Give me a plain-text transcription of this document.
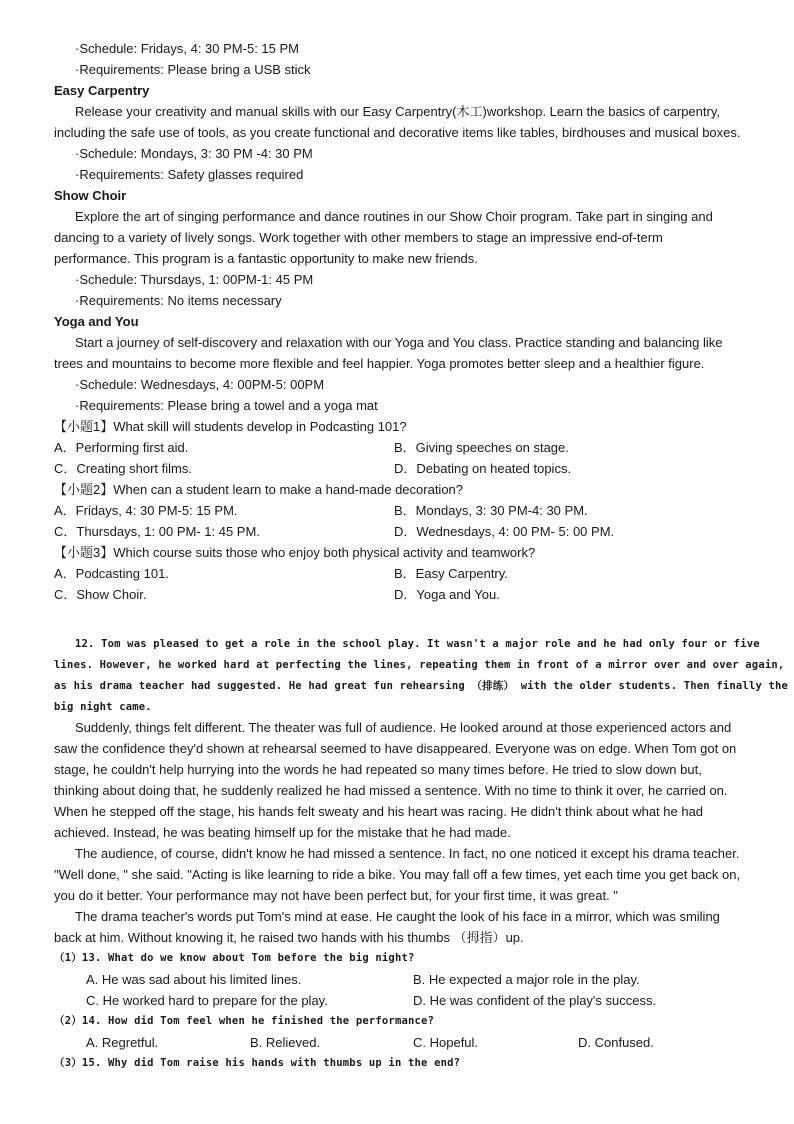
·Schedule: Fridays, 4: 30 PM-5: 15 PM
·Requirements: Please bring a USB stick
Easy Carpentry
Release your creativity and manual skills with our Easy Carpentry(木工)workshop. Learn the basics of carpentry,
including the safe use of tools, as you create functional and decorative items like tables, birdhouses and musical boxes.
·Schedule: Mondays, 3: 30 PM -4: 30 PM
·Requirements: Safety glasses required
Show Choir
Explore the art of singing performance and dance routines in our Show Choir program. Take part in singing and
dancing to a variety of lively songs. Work together with other members to stage an impressive end-of-term
performance. This program is a fantastic opportunity to make new friends.
·Schedule: Thursdays, 1: 00PM-1: 45 PM
·Requirements: No items necessary
Yoga and You
Start a journey of self-discovery and relaxation with our Yoga and You class. Practice standing and balancing like
trees and mountains to become more flexible and feel happier. Yoga promotes better sleep and a healthier figure.
·Schedule: Wednesdays, 4: 00PM-5: 00PM
·Requirements: Please bring a towel and a yoga mat
【小题1】What skill will students develop in Podcasting 101?
A．Performing first aid.	B．Giving speeches on stage.
C．Creating short films.	D．Debating on heated topics.
【小题2】When can a student learn to make a hand-made decoration?
A．Fridays, 4: 30 PM-5: 15 PM.	B．Mondays, 3: 30 PM-4: 30 PM.
C．Thursdays, 1: 00 PM- 1: 45 PM.	D．Wednesdays, 4: 00 PM- 5: 00 PM.
【小题3】Which course suits those who enjoy both physical activity and teamwork?
A．Podcasting 101.	B．Easy Carpentry.
C．Show Choir.	D．Yoga and You.
12. Tom was pleased to get a role in the school play. It wasn't a major role and he had only four or five
lines. However, he worked hard at perfecting the lines, repeating them in front of a mirror over and over again,
as his drama teacher had suggested. He had great fun rehearsing （排练） with the older students. Then finally the
big night came.
Suddenly, things felt different. The theater was full of audience. He looked around at those experienced actors and
saw the confidence they'd shown at rehearsal seemed to have disappeared. Everyone was on edge. When Tom got on
stage, he couldn't help hurrying into the words he had repeated so many times before. He tried to slow down but,
thinking about doing that, he suddenly realized he had missed a sentence. With no time to think it over, he carried on.
When he stepped off the stage, his hands felt sweaty and his heart was racing. He didn't think about what he had
achieved. Instead, he was beating himself up for the mistake that he had made.
The audience, of course, didn't know he had missed a sentence. In fact, no one noticed it except his drama teacher.
"Well done, " she said. "Acting is like learning to ride a bike. You may fall off a few times, yet each time you get back on,
you do it better. Your performance may not have been perfect but, for your first time, it was great. "
The drama teacher's words put Tom's mind at ease. He caught the look of his face in a mirror, which was smiling
back at him. Without knowing it, he raised two hands with his thumbs （拇指）up.
（1）13. What do we know about Tom before the big night?
A. He was sad about his limited lines.	B. He expected a major role in the play.
C. He worked hard to prepare for the play.	D. He was confident of the play's success.
（2）14. How did Tom feel when he finished the performance?
A. Regretful.	B. Relieved.	C. Hopeful.	D. Confused.
（3）15. Why did Tom raise his hands with thumbs up in the end?
